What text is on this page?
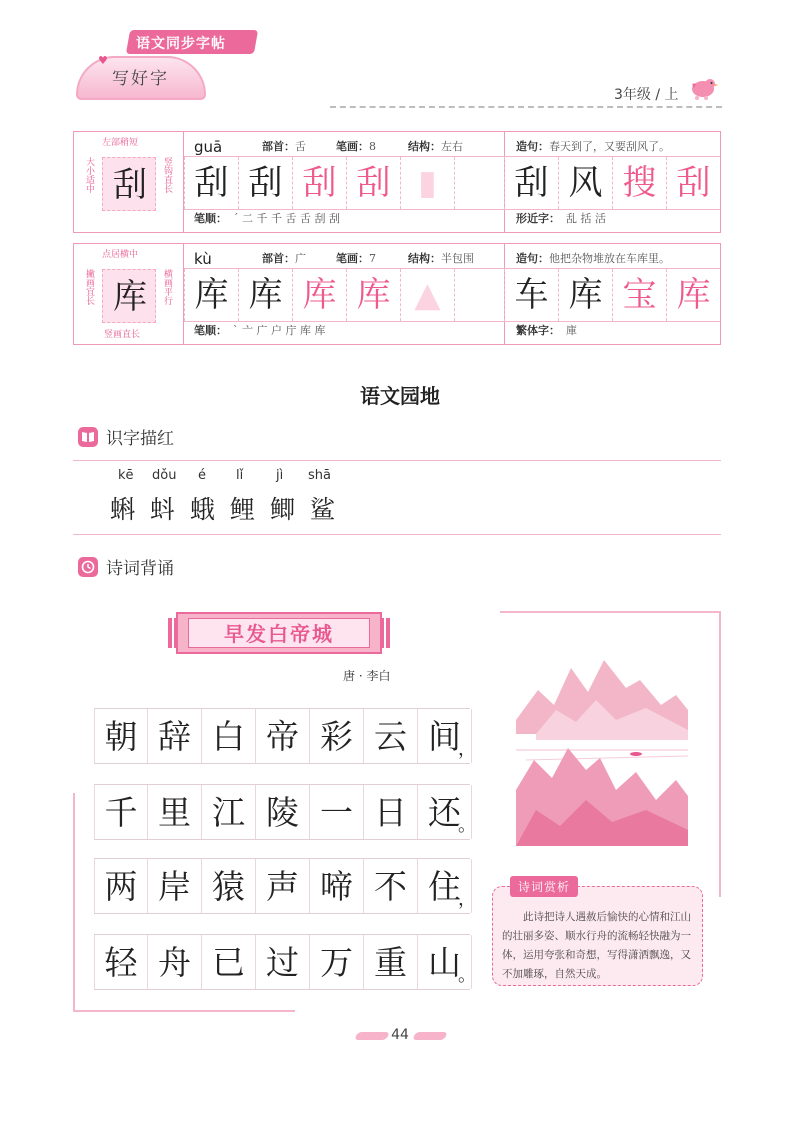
♥
写好字
语文同步字帖
3年级 / 上
左部稍短
大小适中	竖钩直长
刮
guā	部首：舌	笔画：8	结构：左右	造句：春天到了，又要刮风了。
刮 刮 刮 刮 ▮	刮 风 搜 刮
笔顺： ˊ 二 千 千 舌 舌 刮 刮	形近字： 乱 括 活
点居横中
撇画宜长	横画平行
竖画直长
库
kù	部首：广	笔画：7	结构：半包围	造句：他把杂物堆放在车库里。
库 库 库 库 ▲	车 库 宝 库
笔顺： ˋ 亠 广 户 庁 库 库	繁体字： 庫
语文园地
识字描红
kē dǒu é lǐ	jì shā
蝌 蚪 蛾 鲤 鲫 鲨
诗词背诵
早发白帝城
唐 · 李白
朝 辞 白 帝 彩 云 间
，
千 里 江 陵 一 日 还
。
两 岸 猿 声 啼 不 住
，
轻 舟 已 过 万 重 山
。
诗词赏析
此诗把诗人遇赦后愉快的心情和江山的壮丽多姿、顺水行舟的流畅轻快融为一体，运用夸张和奇想，写得潇洒飘逸，又不加雕琢，自然天成。
44
